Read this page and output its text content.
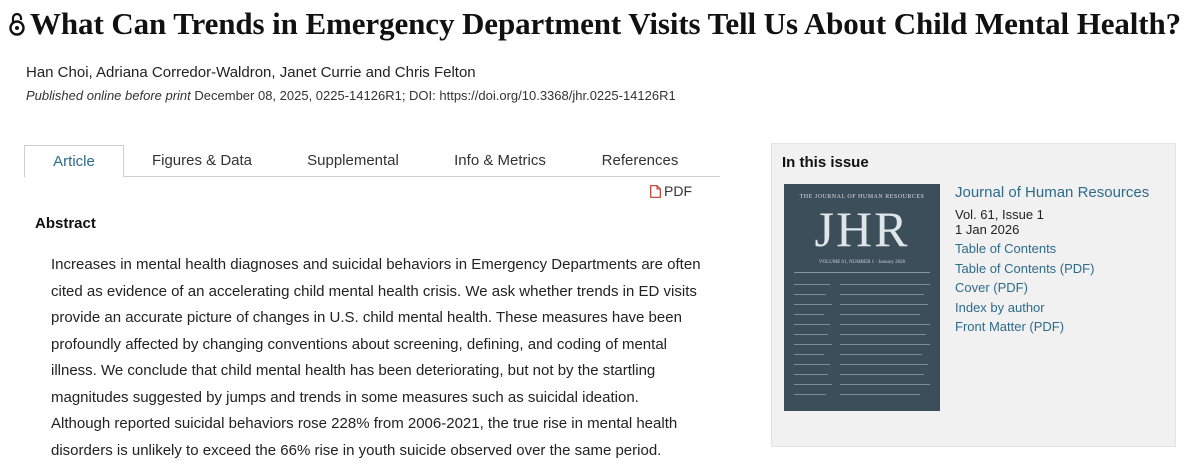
What Can Trends in Emergency Department Visits Tell Us About Child Mental Health?
Han Choi, Adriana Corredor-Waldron, Janet Currie and Chris Felton
Published online before print December 08, 2025, 0225-14126R1; DOI: https://doi.org/10.3368/jhr.0225-14126R1
Article	Figures & Data	Supplemental	Info & Metrics	References
PDF
Abstract

Increases in mental health diagnoses and suicidal behaviors in Emergency Departments are often cited as evidence of an accelerating child mental health crisis. We ask whether trends in ED visits provide an accurate picture of changes in U.S. child mental health. These measures have been profoundly affected by changing conventions about screening, defining, and coding of mental illness. We conclude that child mental health has been deteriorating, but not by the startling magnitudes suggested by jumps and trends in some measures such as suicidal ideation. Although reported suicidal behaviors rose 228% from 2006-2021, the true rise in mental health disorders is unlikely to exceed the 66% rise in youth suicide observed over the same period.

In this issue
THE JOURNAL OF HUMAN RESOURCES
JHR
VOLUME 61, NUMBER 1 · January 2026
Journal of Human Resources
Vol. 61, Issue 1
1 Jan 2026
Table of Contents
Table of Contents (PDF)
Cover (PDF)
Index by author
Front Matter (PDF)
